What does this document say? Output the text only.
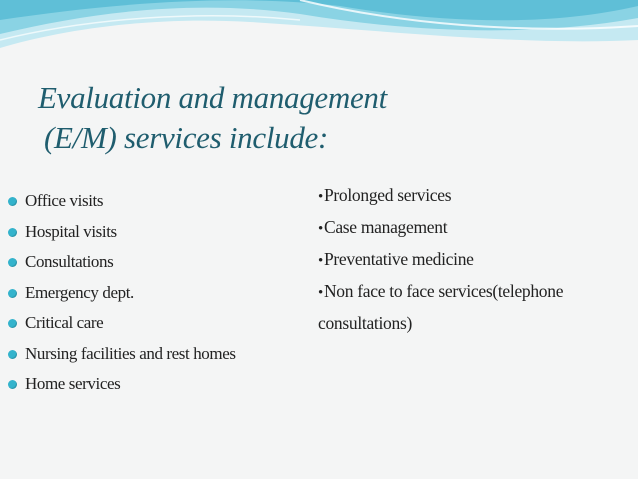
Evaluation and management
(E/M) services include:
Office visits
Hospital visits
Consultations
Emergency dept.
Critical care
Nursing facilities and rest homes
Home services
•Prolonged services
•Case management
•Preventative medicine
•Non face to face services(telephone consultations)
